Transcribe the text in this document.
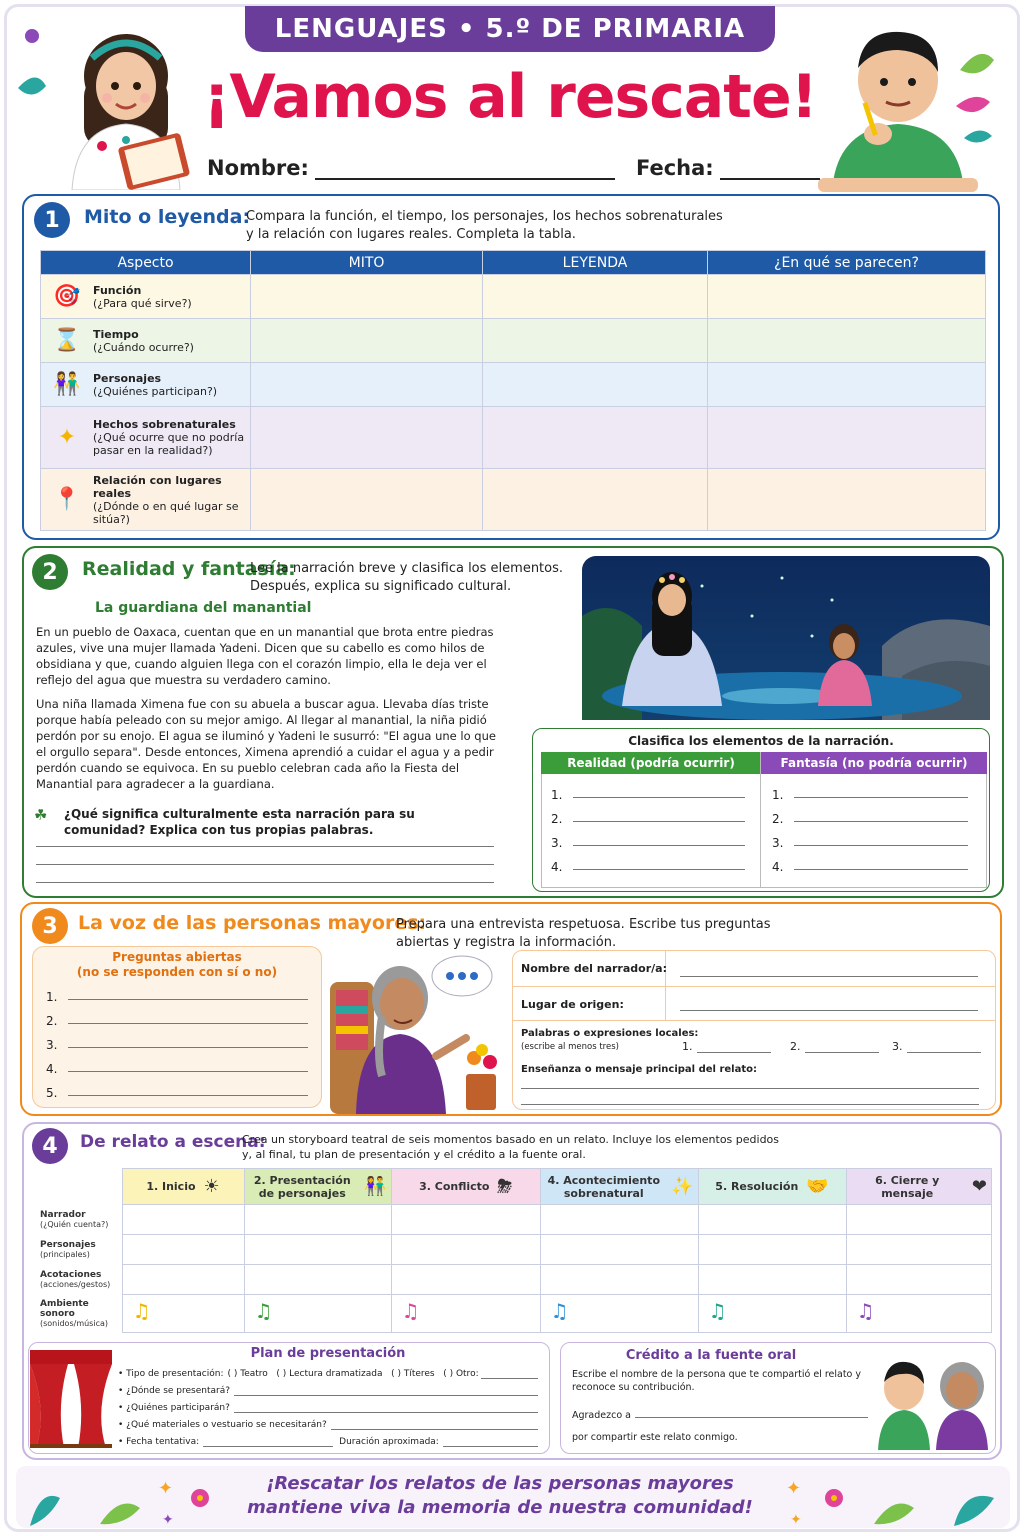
LENGUAJES • 5.º DE PRIMARIA
¡Vamos al rescate!
Nombre:	Fecha:
1	Mito o leyenda:
Compara la función, el tiempo, los personajes, los hechos sobrenaturales
y la relación con lugares reales. Completa la tabla.
Aspecto	MITO	LEYENDA	¿En qué se parecen?

🎯 Función
(¿Para qué sirve?)			

⌛ Tiempo
(¿Cuándo ocurre?)			

👫 Personajes
(¿Quiénes participan?)			

✦
Hechos sobrenaturales
(¿Qué ocurre que no podría pasar en la realidad?)			

📍
Relación con lugares reales
(¿Dónde o en qué lugar se sitúa?)			

2	Realidad y fantasía:
Lee la narración breve y clasifica los elementos.
Después, explica su significado cultural.
La guardiana del manantial
En un pueblo de Oaxaca, cuentan que en un manantial que brota entre piedras azules, vive una mujer llamada Yadeni. Dicen que su cabello es como hilos de obsidiana y que, cuando alguien llega con el corazón limpio, ella le deja ver el reflejo del agua que muestra su verdadero camino.
Una niña llamada Ximena fue con su abuela a buscar agua. Llevaba días triste porque había peleado con su mejor amigo. Al llegar al manantial, la niña pidió perdón por su enojo. El agua se iluminó y Yadeni le susurró: "El agua une lo que el orgullo separa". Desde entonces, Ximena aprendió a cuidar el agua y a pedir perdón cuando se equivoca. En su pueblo celebran cada año la Fiesta del Manantial para agradecer a la guardiana.
☘ ¿Qué significa culturalmente esta narración para su comunidad? Explica con tus propias palabras.
Clasifica los elementos de la narración.
Realidad (podría ocurrir)	Fantasía (no podría ocurrir)
1.
2.
3.
4.
1.
2.
3.
4.
3	La voz de las personas mayores:
Prepara una entrevista respetuosa. Escribe tus preguntas
abiertas y registra la información.
Preguntas abiertas
(no se responden con sí o no)
1.
2.
3.
4.
5.
Nombre del narrador/a:
Lugar de origen:
Palabras o expresiones locales:
(escribe al menos tres)	1.	2.	3.
Enseñanza o mensaje principal del relato:
4	De relato a escena:
Crea un storyboard teatral de seis momentos basado en un relato. Incluye los elementos pedidos
y, al final, tu plan de presentación y el crédito a la fuente oral.

	1. Inicio ☀	2. Presentación de personajes 👫	3. Conflicto ⛈	4. Acontecimiento sobrenatural ✨	5. Resolución 🤝	6. Cierre y mensaje ❤

Narrador
(¿Quién cuenta?)						

Personajes
(principales)						

Acotaciones
(acciones/gestos)						

Ambiente sonoro
(sonidos/música)	♫	♫	♫	♫	♫	♫
Plan de presentación
• Tipo de presentación: ( ) Teatro   ( ) Lectura dramatizada   ( ) Títeres   ( ) Otro:
• ¿Dónde se presentará?
• ¿Quiénes participarán?
• ¿Qué materiales o vestuario se necesitarán?
• Fecha tentativa:	Duración aproximada:
Crédito a la fuente oral
Escribe el nombre de la persona que te compartió el relato y reconoce su contribución.
Agradezco a
por compartir este relato conmigo.
✦
✦
✦
✦
¡Rescatar los relatos de las personas mayores
mantiene viva la memoria de nuestra comunidad!
